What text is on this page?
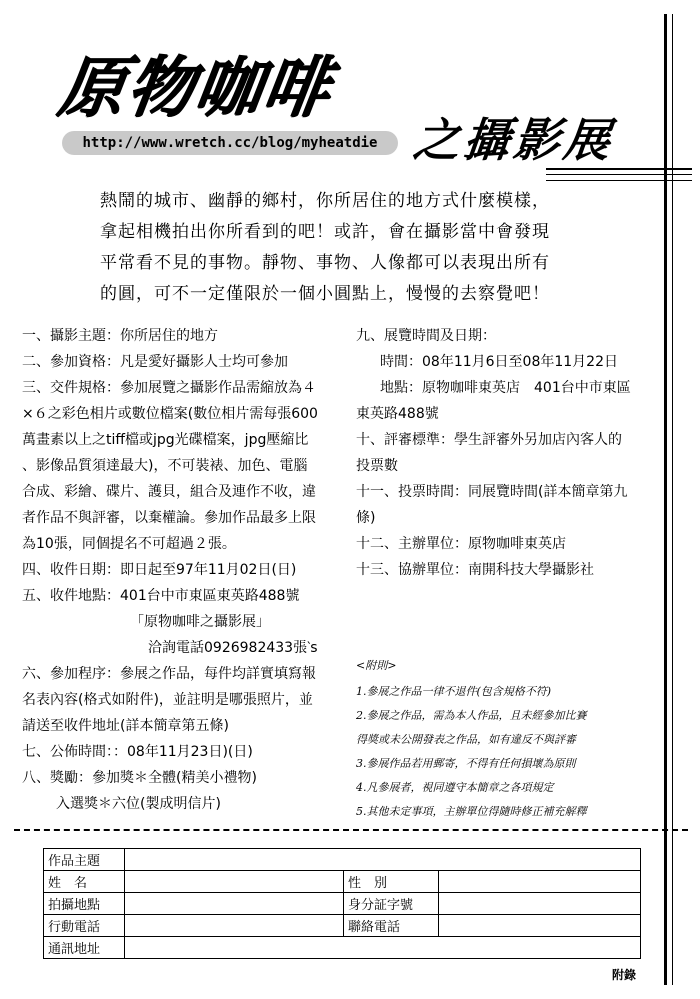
原物咖啡
http://www.wretch.cc/blog/myheatdie 之攝影展
熱鬧的城市、幽靜的鄉村，你所居住的地方式什麼模樣，
拿起相機拍出你所看到的吧！或許，會在攝影當中會發現
平常看不見的事物。靜物、事物、人像都可以表現出所有
的圓，可不一定僅限於一個小圓點上，慢慢的去察覺吧！
一、攝影主題：你所居住的地方
二、參加資格：凡是愛好攝影人士均可參加
三、交件規格：參加展覽之攝影作品需縮放為４
×６之彩色相片或數位檔案(數位相片需每張600
萬畫素以上之tiff檔或jpg光碟檔案，jpg壓縮比
、影像品質須達最大)，不可裝裱、加色、電腦
合成、彩繪、碟片、護貝，組合及連作不收，違
者作品不與評審，以棄權論。參加作品最多上限
為10張，同個提名不可超過２張。
四、收件日期：即日起至97年11月02日(日)
五、收件地點：401台中市東區東英路488號
「原物咖啡之攝影展」
洽詢電話0926982433張‵s
六、參加程序：參展之作品，每件均詳實填寫報
名表內容(格式如附件)，並註明是哪張照片，並
請送至收件地址(詳本簡章第五條)
七、公佈時間：：08年11月23日)(日)
八、獎勵：參加獎＊全體(精美小禮物)
入選獎＊六位(製成明信片)
九、展覽時間及日期：
時間：08年11月6日至08年11月22日
地點：原物咖啡東英店　401台中市東區
東英路488號
十、評審標準：學生評審外另加店內客人的
投票數
十一、投票時間：同展覽時間(詳本簡章第九
條)
十二、主辦單位：原物咖啡東英店
十三、協辦單位：南開科技大學攝影社
<附則>
1.參展之作品一律不退件(包含規格不符)
2.參展之作品，需為本人作品，且未經參加比賽
得獎或未公開發表之作品，如有違反不與評審
3.參展作品若用郵寄，不得有任何損壞為原則
4.凡參展者，視同遵守本簡章之各項規定
5.其他未定事項，主辦單位得隨時修正補充解釋
作品主題			
姓　名		性　別	
拍攝地點		身分証字號	
行動電話		聯絡電話	
通訊地址			
附錄
